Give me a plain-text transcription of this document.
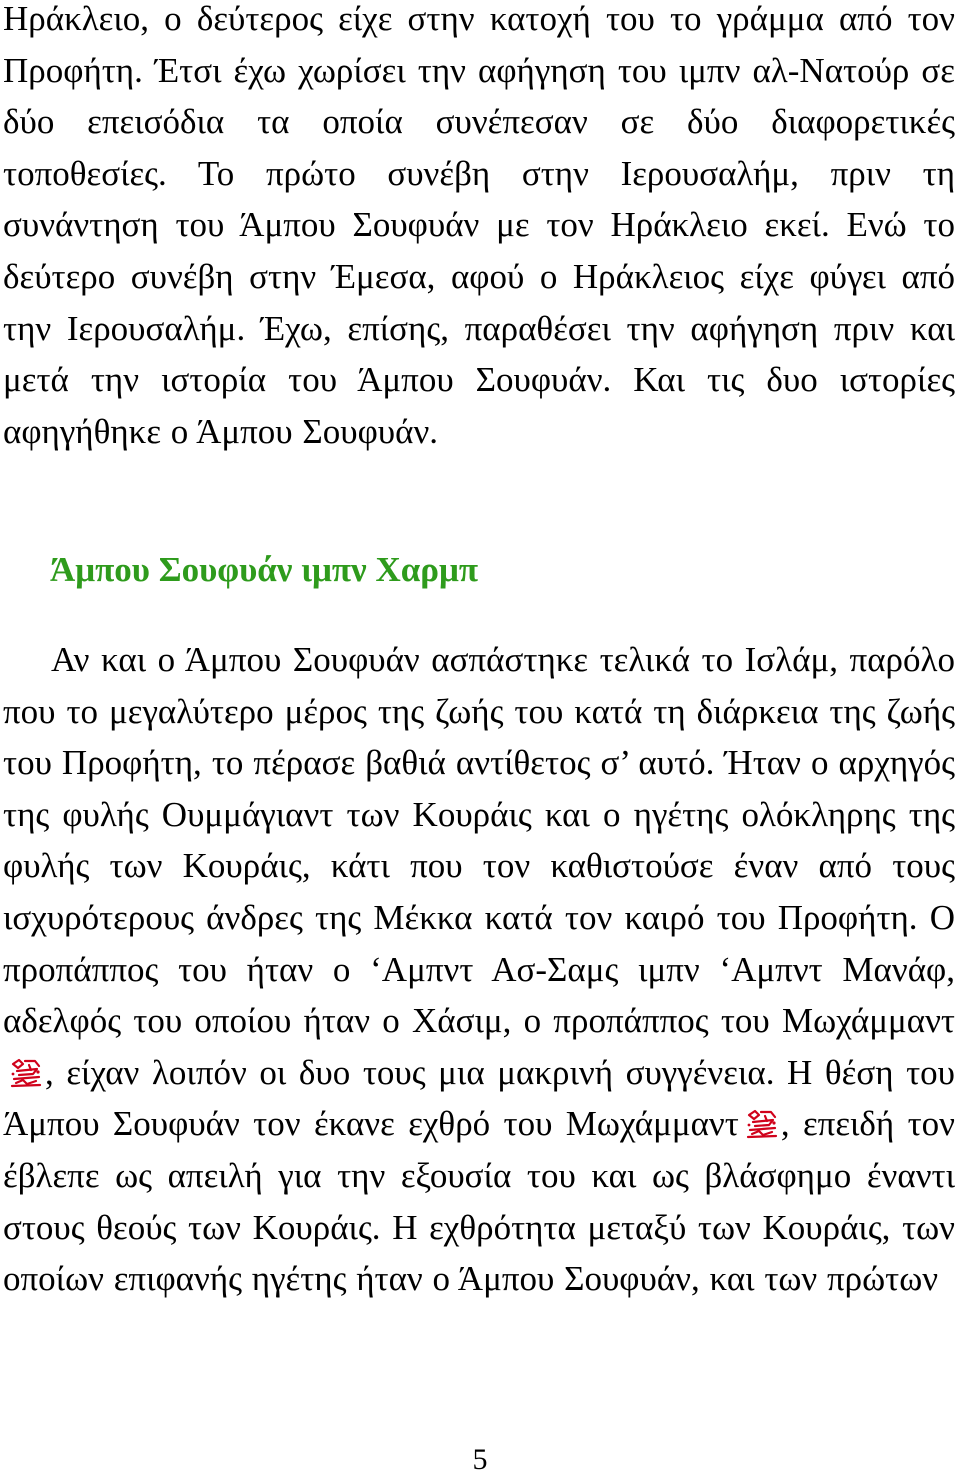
Ηράκλειο, ο δεύτερος είχε στην κατοχή του το γράμμα από τον Προφήτη. Έτσι έχω χωρίσει την αφήγηση του ιμπν αλ-Νατούρ σε δύο επεισόδια τα οποία συνέπεσαν σε δύο διαφορετικές τοποθεσίες. Το πρώτο συνέβη στην Ιερουσαλήμ, πριν τη συνάντηση του Άμπου Σουφυάν με τον Ηράκλειο εκεί. Ενώ το δεύτερο συνέβη στην Έμεσα, αφού ο Ηράκλειος είχε φύγει από την Ιερουσαλήμ. Έχω, επίσης, παραθέσει την αφήγηση πριν και μετά την ιστορία του Άμπου Σουφυάν. Και τις δυο ιστορίες αφηγήθηκε ο Άμπου Σουφυάν.

Άμπου Σουφυάν ιμπν Χαρμπ

Αν και ο Άμπου Σουφυάν ασπάστηκε τελικά το Ισλάμ, παρόλο που το μεγαλύτερο μέρος της ζωής του κατά τη διάρκεια της ζωής του Προφήτη, το πέρασε βαθιά αντίθετος σ’ αυτό. Ήταν ο αρχηγός της φυλής Ουμμάγιαντ των Κουράις και ο ηγέτης ολόκληρης της φυλής των Κουράις, κάτι που τον καθιστούσε έναν από τους ισχυρότερους άνδρες της Μέκκα κατά τον καιρό του Προφήτη. Ο προπάππος του ήταν ο ‘Αμπντ Ασ-Σαμς ιμπν ‘Αμπντ Μανάφ, αδελφός του οποίου ήταν ο Χάσιμ, ο προπάππος του Μωχάμμαντ
, είχαν λοιπόν οι δυο τους μια μακρινή συγγένεια. Η θέση του Άμπου Σουφυάν τον έκανε εχθρό του Μωχάμμαντ , επειδή τον έβλεπε ως απειλή για την εξουσία του και ως βλάσφημο έναντι στους θεούς των Κουράις. Η εχθρότητα μεταξύ των Κουράις, των οποίων επιφανής ηγέτης ήταν ο Άμπου Σουφυάν, και των πρώτων

5
